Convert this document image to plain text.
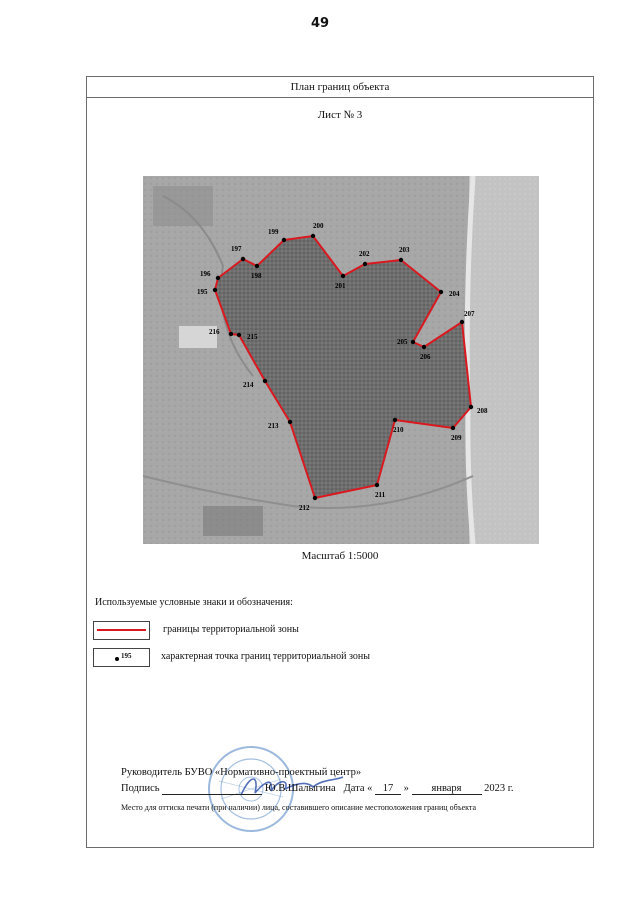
49
План границ объекта
Лист № 3
195
196
197
198
199
200
201
202	203
204
205
206
207
208
209
210
211
212
213
214
215
216
Масштаб 1:5000
Используемые условные знаки и обозначения:
границы территориальной зоны
195	характерная точка границ территориальной зоны
Руководитель БУВО «Нормативно-проектный центр»
Подпись	Ю.В.Шалыгина Дата « 17 » января 2023 г.
Место для оттиска печати (при наличии) лица, составившего описание местоположения границ объекта
